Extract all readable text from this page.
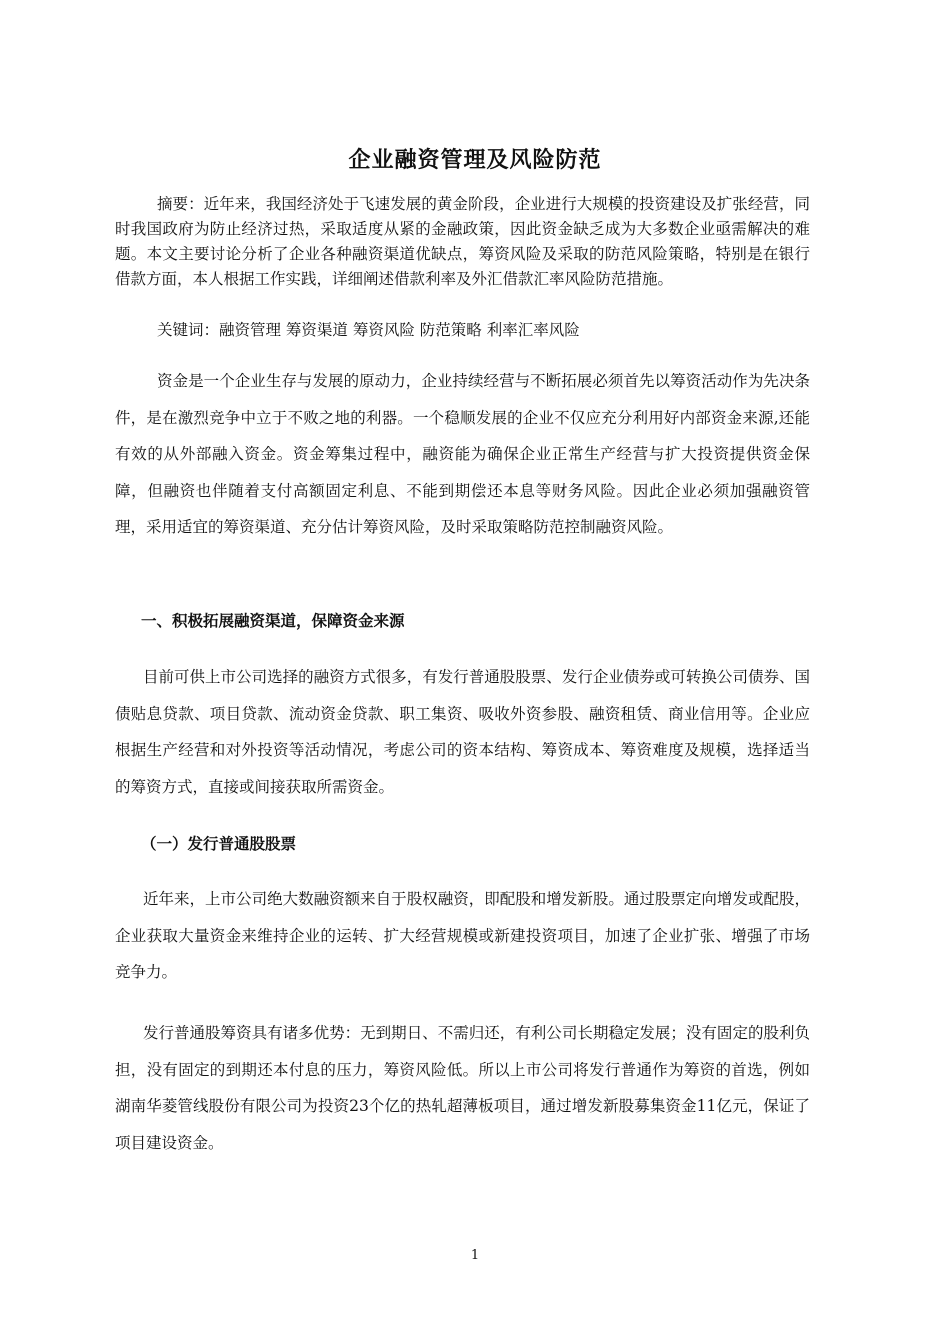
企业融资管理及风险防范
摘要：近年来，我国经济处于飞速发展的黄金阶段，企业进行大规模的投资建设及扩张经营，同时我国政府为防止经济过热，采取适度从紧的金融政策，因此资金缺乏成为大多数企业亟需解决的难题。本文主要讨论分析了企业各种融资渠道优缺点，筹资风险及采取的防范风险策略，特别是在银行借款方面，本人根据工作实践，详细阐述借款利率及外汇借款汇率风险防范措施。
关键词：融资管理 筹资渠道 筹资风险 防范策略 利率汇率风险
资金是一个企业生存与发展的原动力，企业持续经营与不断拓展必须首先以筹资活动作为先决条件，是在激烈竞争中立于不败之地的利器。一个稳顺发展的企业不仅应充分利用好内部资金来源,还能有效的从外部融入资金。资金筹集过程中，融资能为确保企业正常生产经营与扩大投资提供资金保障，但融资也伴随着支付高额固定利息、不能到期偿还本息等财务风险。因此企业必须加强融资管理，采用适宜的筹资渠道、充分估计筹资风险，及时采取策略防范控制融资风险。
一、积极拓展融资渠道，保障资金来源
目前可供上市公司选择的融资方式很多，有发行普通股股票、发行企业债券或可转换公司债券、国债贴息贷款、项目贷款、流动资金贷款、职工集资、吸收外资参股、融资租赁、商业信用等。企业应根据生产经营和对外投资等活动情况，考虑公司的资本结构、筹资成本、筹资难度及规模，选择适当的筹资方式，直接或间接获取所需资金。
（一）发行普通股股票
近年来，上市公司绝大数融资额来自于股权融资，即配股和增发新股。通过股票定向增发或配股，企业获取大量资金来维持企业的运转、扩大经营规模或新建投资项目，加速了企业扩张、增强了市场竞争力。
发行普通股筹资具有诸多优势：无到期日、不需归还，有利公司长期稳定发展；没有固定的股利负担，没有固定的到期还本付息的压力，筹资风险低。所以上市公司将发行普通作为筹资的首选，例如湖南华菱管线股份有限公司为投资23个亿的热轧超薄板项目，通过增发新股募集资金11亿元，保证了项目建设资金。
1
